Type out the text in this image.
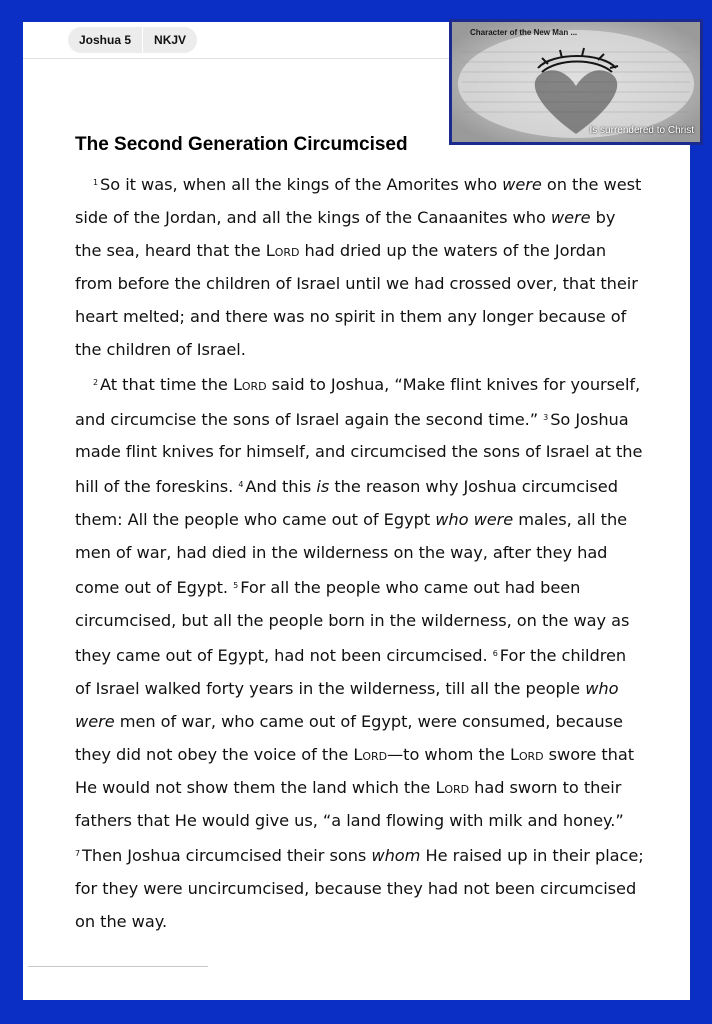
Joshua 5	NKJV
The Second Generation Circumcised

$^1$ So it was, when all the kings of the Amorites who were on the west side of the Jordan, and all the kings of the Canaanites who were by the sea, heard that the Lord had dried up the waters of the Jordan from before the children of Israel until we had crossed over, that their heart melted; and there was no spirit in them any longer because of the children of Israel.

$^2$ At that time the Lord said to Joshua, “Make flint knives for yourself, and circumcise the sons of Israel again the second time.” $^3$ So Joshua made flint knives for himself, and circumcised the sons of Israel at the hill of the foreskins. $^4$ And this is the reason why Joshua circumcised them: All the people who came out of Egypt who were males, all the men of war, had died in the wilderness on the way, after they had come out of Egypt. $^5$ For all the people who came out had been circumcised, but all the people born in the wilderness, on the way as they came out of Egypt, had not been circumcised. $^6$ For the children of Israel walked forty years in the wilderness, till all the people who were men of war, who came out of Egypt, were consumed, because they did not obey the voice of the Lord—to whom the Lord swore that He would not show them the land which the Lord had sworn to their fathers that He would give us, “a land flowing with milk and honey.” $^7$ Then Joshua circumcised their sons whom He raised up in their place; for they were uncircumcised, because they had not been circumcised on the way.

Character of the New Man ...
Is surrendered to Christ
